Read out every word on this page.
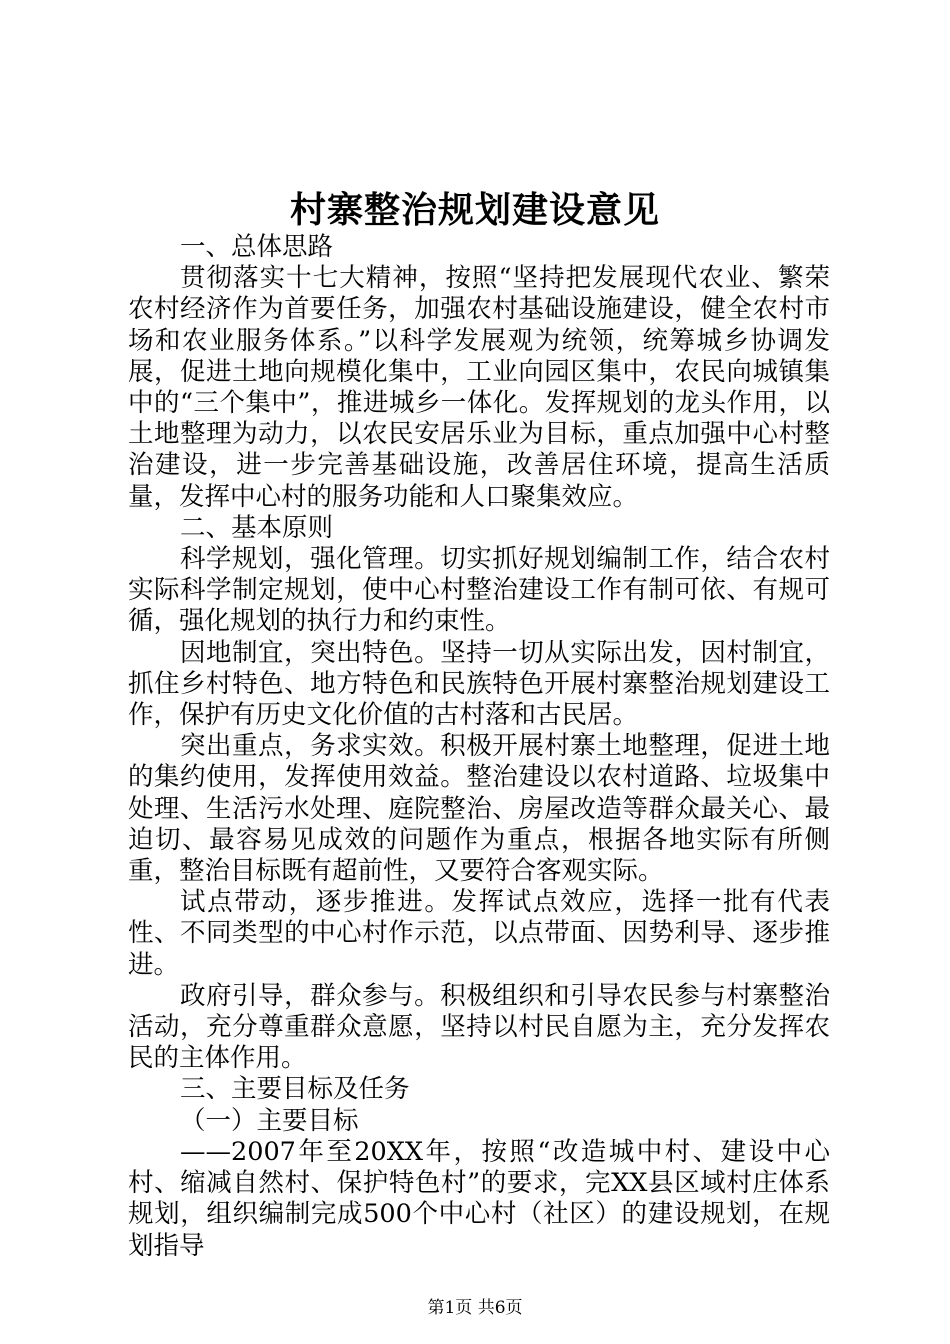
村寨整治规划建设意见

一、总体思路

贯彻落实十七大精神，按照“坚持把发展现代农业、繁荣农村经济作为首要任务，加强农村基础设施建设，健全农村市场和农业服务体系。”以科学发展观为统领，统筹城乡协调发展，促进土地向规模化集中，工业向园区集中，农民向城镇集中的“三个集中”，推进城乡一体化。发挥规划的龙头作用，以土地整理为动力，以农民安居乐业为目标，重点加强中心村整治建设，进一步完善基础设施，改善居住环境，提高生活质量，发挥中心村的服务功能和人口聚集效应。

二、基本原则

科学规划，强化管理。切实抓好规划编制工作，结合农村实际科学制定规划，使中心村整治建设工作有制可依、有规可循，强化规划的执行力和约束性。

因地制宜，突出特色。坚持一切从实际出发，因村制宜，抓住乡村特色、地方特色和民族特色开展村寨整治规划建设工作，保护有历史文化价值的古村落和古民居。

突出重点，务求实效。积极开展村寨土地整理，促进土地的集约使用，发挥使用效益。整治建设以农村道路、垃圾集中处理、生活污水处理、庭院整治、房屋改造等群众最关心、最迫切、最容易见成效的问题作为重点，根据各地实际有所侧重，整治目标既有超前性，又要符合客观实际。

试点带动，逐步推进。发挥试点效应，选择一批有代表性、不同类型的中心村作示范，以点带面、因势利导、逐步推进。

政府引导，群众参与。积极组织和引导农民参与村寨整治活动，充分尊重群众意愿，坚持以村民自愿为主，充分发挥农民的主体作用。

三、主要目标及任务

（一）主要目标

——2007年至20XX年，按照“改造城中村、建设中心村、缩减自然村、保护特色村”的要求，完XX县区域村庄体系规划，组织编制完成500个中心村（社区）的建设规划，在规划指导

第1页 共6页
